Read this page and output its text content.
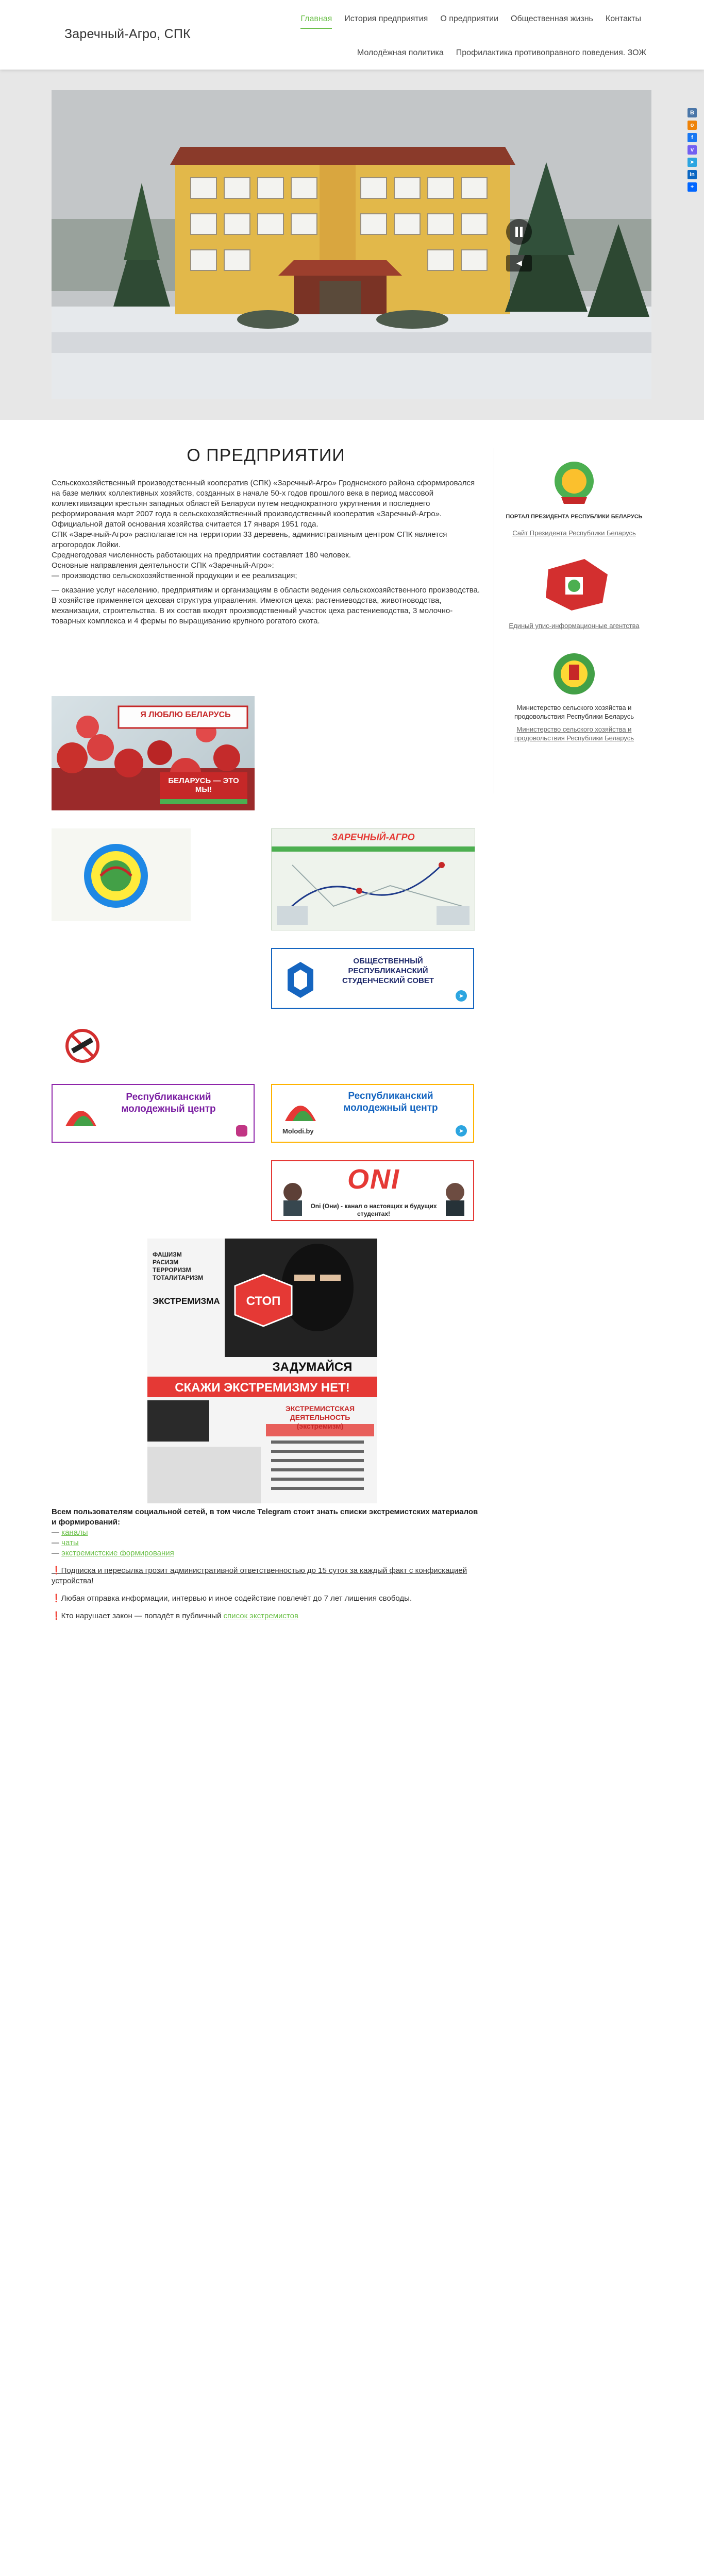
Заречный-Агро, СПК
Главная	История предприятия	О предприятии	Общественная жизнь	Контакты
Молодёжная политика	Профилактика противоправного поведения. ЗОЖ
◀
B
o
f
v
➤
in
+
О ПРЕДПРИЯТИИ

Сельскохозяйственный производственный кооператив (СПК) «Заречный-Агро» Гродненского района сформировался на базе мелких коллективных хозяйств, созданных в начале 50-х годов прошлого века в период массовой коллективизации крестьян западных областей Беларуси путем неоднократного укрупнения и последнего реформирования март 2007 года в сельскохозяйственный производственный кооператив «Заречный-Агро». Официальной датой основания хозяйства считается 17 января 1951 года.

СПК «Заречный-Агро» располагается на территории 33 деревень, административным центром СПК является агрогородок Лойки.

Среднегодовая численность работающих на предприятии составляет 180 человек.

Основные направления деятельности СПК «Заречный-Агро»:

— производство сельскохозяйственной продукции и ее реализация;

— оказание услуг населению, предприятиям и организациям в области ведения сельскохозяйственного производства.

В хозяйстве применяется цеховая структура управления. Имеются цеха: растениеводства, животноводства, механизации, строительства. В их состав входят производственный участок цеха растениеводства, 3 молочно-товарных комплекса и 4 фермы по выращиванию крупного рогатого скота.

Я ЛЮБЛЮ БЕЛАРУСЬ
БЕЛАРУСЬ — ЭТО МЫ!
ЗАРЕЧНЫЙ-АГРО
ОБЩЕСТВЕННЫЙ РЕСПУБЛИКАНСКИЙ СТУДЕНЧЕСКИЙ СОВЕТ
➤
Республиканский молодежный центр
Molodi.by
Республиканский молодежный центр
➤
ONI
Oni (Они) - канал о настоящих и будущих студентах!
ФАШИЗМ
РАСИЗМ
ТЕРРОРИЗМ
ТОТАЛИТАРИЗМ
ЭКСТРЕМИЗМА	СТОП
ЗАДУМАЙСЯ
СКАЖИ ЭКСТРЕМИЗМУ НЕТ!
ЭКСТРЕМИСТСКАЯ ДЕЯТЕЛЬНОСТЬ (экстремизм)

Всем пользователям социальной сетей, в том числе Telegram стоит знать списки экстремистских материалов и формирований:

— каналы

— чаты

— экстремистские формирования

❗Подписка и пересылка грозит административной ответственностью до 15 суток за каждый факт с конфискацией устройства!

❗Любая отправка информации, интервью и иное содействие повлечёт до 7 лет лишения свободы.

❗Кто нарушает закон — попадёт в публичный список экстремистов

ПОРТАЛ ПРЕЗИДЕНТА РЕСПУБЛИКИ БЕЛАРУСЬ
Сайт Президента Республики Беларусь
Единый упис-информационные агентства
Министерство сельского хозяйства и продовольствия Республики Беларусь
Министерство сельского хозяйства и продовольствия Республики Беларусь
